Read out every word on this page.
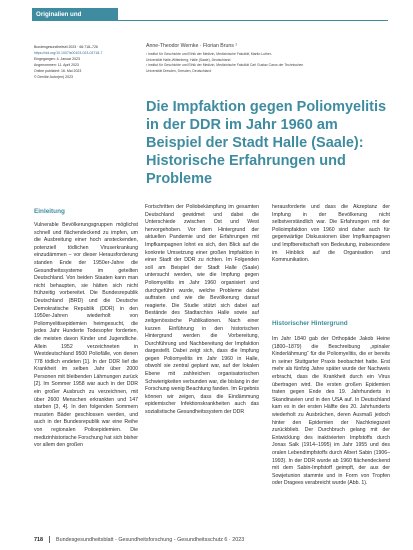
Originalien und Übersichten
Bundesgesundheitsbl 2023 · 66:718–726
https://doi.org/10.1007/s00103-023-03718-7
Eingegangen: 4. Januar 2023
Angenommen: 11. April 2023
Online publiziert: 16. Mai 2023
© Der/die Autor(en) 2023
Anne-Theodor Wernke · Florian Bruns ¹
¹ Institut für Geschichte und Ethik der Medizin, Medizinische Fakultät, Martin-Luther-
Universität Halle-Wittenberg, Halle (Saale), Deutschland
² Institut für Geschichte und Ethik der Medizin, Medizinische Fakultät Carl Gustav Carus der Technischen
Universität Dresden, Dresden, Deutschland
Die Impfaktion gegen Poliomyelitis in der DDR im Jahr 1960 am Beispiel der Stadt Halle (Saale): Historische Erfahrungen und Probleme
Einleitung
Vulnerable Bevölkerungsgruppen möglichst schnell und flächendeckend zu impfen, um die Ausbreitung einer hoch ansteckenden, potenziell tödlichen Viruserkrankung einzudämmen – vor dieser Herausforderung standen Ende der 1950er-Jahre die Gesundheitssysteme im geteilten Deutschland. Von beiden Staaten kann man nicht behaupten, sie hätten sich nicht frühzeitig vorbereitet. Die Bundesrepublik Deutschland (BRD) und die Deutsche Demokratische Republik (DDR) in den 1950er-Jahren wiederholt von Poliomyelitisepidemien heimgesucht, die jedes Jahr Hunderte Todesopfer forderten, die meisten davon Kinder und Jugendliche. Allein 1952 verzeichneten in Westdeutschland 9500 Poliofälle, von denen 778 tödlich endeten [1]. In der DDR lief die Krankheit im selben Jahr über 2000 Personen mit bleibenden Lähmungen zurück [2]. Im Sommer 1958 war auch in der DDR ein großer Ausbruch zu verzeichnen, mit über 2600 Menschen erkrankten und 147 starben [3, 4]. In den folgenden Sommern mussten Bäder geschlossen werden, und auch in der Bundesrepublik war eine Reihe von regionalen Polioepidemien. Die medizinhistorische Forschung hat sich bisher vor allem den großen
Fortschritten der Poliobekämpfung im gesamten Deutschland gewidmet und dabei die Unterschiede zwischen Ost und West hervorgehoben. Vor dem Hintergrund der aktuellen Pandemie und der Erfahrungen mit Impfkampagnen lohnt es sich, den Blick auf die konkrete Umsetzung einer großen Impfaktion in einer Stadt der DDR zu richten. Im Folgenden soll am Beispiel der Stadt Halle (Saale) untersucht werden, wie die Impfung gegen Poliomyelitis im Jahr 1960 organisiert und durchgeführt wurde, welche Probleme dabei auftraten und wie die Bevölkerung darauf reagierte. Die Studie stützt sich dabei auf Bestände des Stadtarchivs Halle sowie auf zeitgenössische Publikationen. Nach einer kurzen Einführung in den historischen Hintergrund werden die Vorbereitung, Durchführung und Nachbereitung der Impfaktion dargestellt. Dabei zeigt sich, dass die Impfung gegen Poliomyelitis im Jahr 1960 in Halle, obwohl sie zentral geplant war, auf der lokalen Ebene mit zahlreichen organisatorischen Schwierigkeiten verbunden war, die bislang in der Forschung wenig Beachtung fanden. Im Ergebnis können wir zeigen, dass die Eindämmung epidemischer Infektionskrankheiten auch das sozialistische Gesundheitssystem der DDR
herausforderte und dass die Akzeptanz der Impfung in der Bevölkerung nicht selbstverständlich war. Die Erfahrungen mit der Polioimpfaktion von 1960 sind daher auch für gegenwärtige Diskussionen über Impfkampagnen und Impfbereitschaft von Bedeutung, insbesondere im Hinblick auf die Organisation und Kommunikation.
Historischer Hintergrund
Im Jahr 1840 gab der Orthopäde Jakob Heine (1800–1879) die Beschreibung „spinaler Kinderlähmung“ für die Poliomyelitis, die er bereits in seiner Stuttgarter Praxis beobachtet hatte. Erst mehr als fünfzig Jahre später wurde der Nachweis erbracht, dass die Krankheit durch ein Virus übertragen wird. Die ersten großen Epidemien traten gegen Ende des 19. Jahrhunderts in Skandinavien und in den USA auf. In Deutschland kam es in der ersten Hälfte des 20. Jahrhunderts wiederholt zu Ausbrüchen, deren Ausmaß jedoch hinter den Epidemien der Nachkriegszeit zurückblieb. Der Durchbruch gelang mit der Entwicklung des inaktivierten Impfstoffs durch Jonas Salk (1914–1995) im Jahr 1955 und des oralen Lebendimpfstoffs durch Albert Sabin (1906–1993). In der DDR wurde ab 1960 flächendeckend mit dem Sabin-Impfstoff geimpft, der aus der Sowjetunion stammte und in Form von Tropfen oder Dragees verabreicht wurde (Abb. 1).
718 Bundesgesundheitsblatt - Gesundheitsforschung - Gesundheitsschutz 6 · 2023
